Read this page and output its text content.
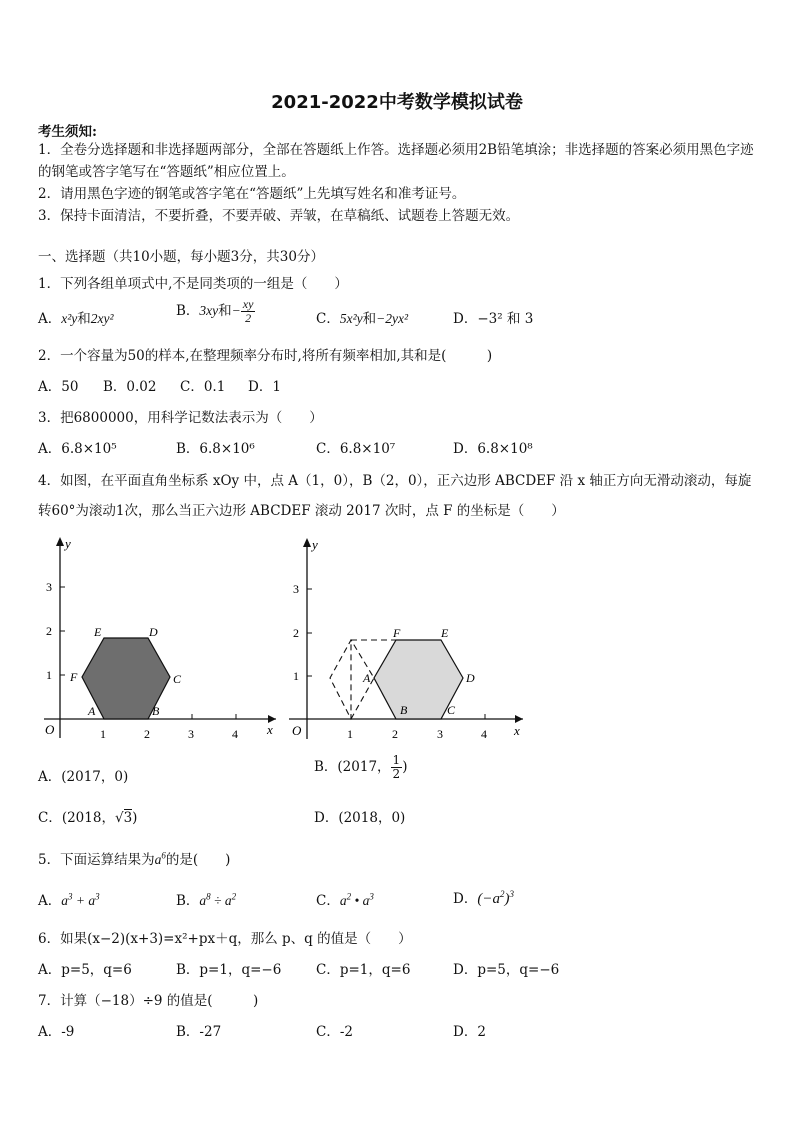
2021-2022中考数学模拟试卷
考生须知:
1．全卷分选择题和非选择题两部分，全部在答题纸上作答。选择题必须用2B铅笔填涂；非选择题的答案必须用黑色字迹的钢笔或答字笔写在“答题纸”相应位置上。
2．请用黑色字迹的钢笔或答字笔在“答题纸”上先填写姓名和准考证号。
3．保持卡面清洁，不要折叠，不要弄破、弄皱，在草稿纸、试题卷上答题无效。
一、选择题（共10小题，每小题3分，共30分）
1．下列各组单项式中,不是同类项的一组是（　　）
A．x²y和2xy²	B．3xy和− $\frac{xy}{2}$	C．5x²y和−2yx²	D．−3² 和 3
2．一个容量为50的样本,在整理频率分布时,将所有频率相加,其和是(　　　)
A．50 B．0.02 C．0.1 D．1
3．把6800000，用科学记数法表示为（　　）
A．6.8×10⁵	B．6.8×10⁶	C．6.8×10⁷	D．6.8×10⁸
4．如图，在平面直角坐标系 xOy 中，点 A（1，0），B（2，0），正六边形 ABCDEF 沿 x 轴正方向无滑动滚动，每旋
转60°为滚动1次，那么当正六边形 ABCDEF 滚动 2017 次时，点 F 的坐标是（　　）
x
y
O	1	2	3	4
1
2
3
A	B
C
D
E
F
x
y
O	1	2	3	4
1
2
3
A
B	C
D
E
F
A．(2017，0)
B．(2017， $\frac{1}{2}$ )
C．(2018，√3)	D．(2018，0)
5．下面运算结果为$a^6$的是(　　)
A．$a^3 + a^3$	B．$a^8 \div a^2$	C．$a^2$ • $a^3$	D．$(-a^2)^3$
6．如果(x−2)(x+3)=x²+px＋q，那么 p、q 的值是（　　）
A．p=5，q=6	B．p=1，q=−6	C．p=1，q=6	D．p=5，q=−6
7．计算（−18）÷9 的值是(　　　)
A．-9	B．-27	C．-2	D．2
